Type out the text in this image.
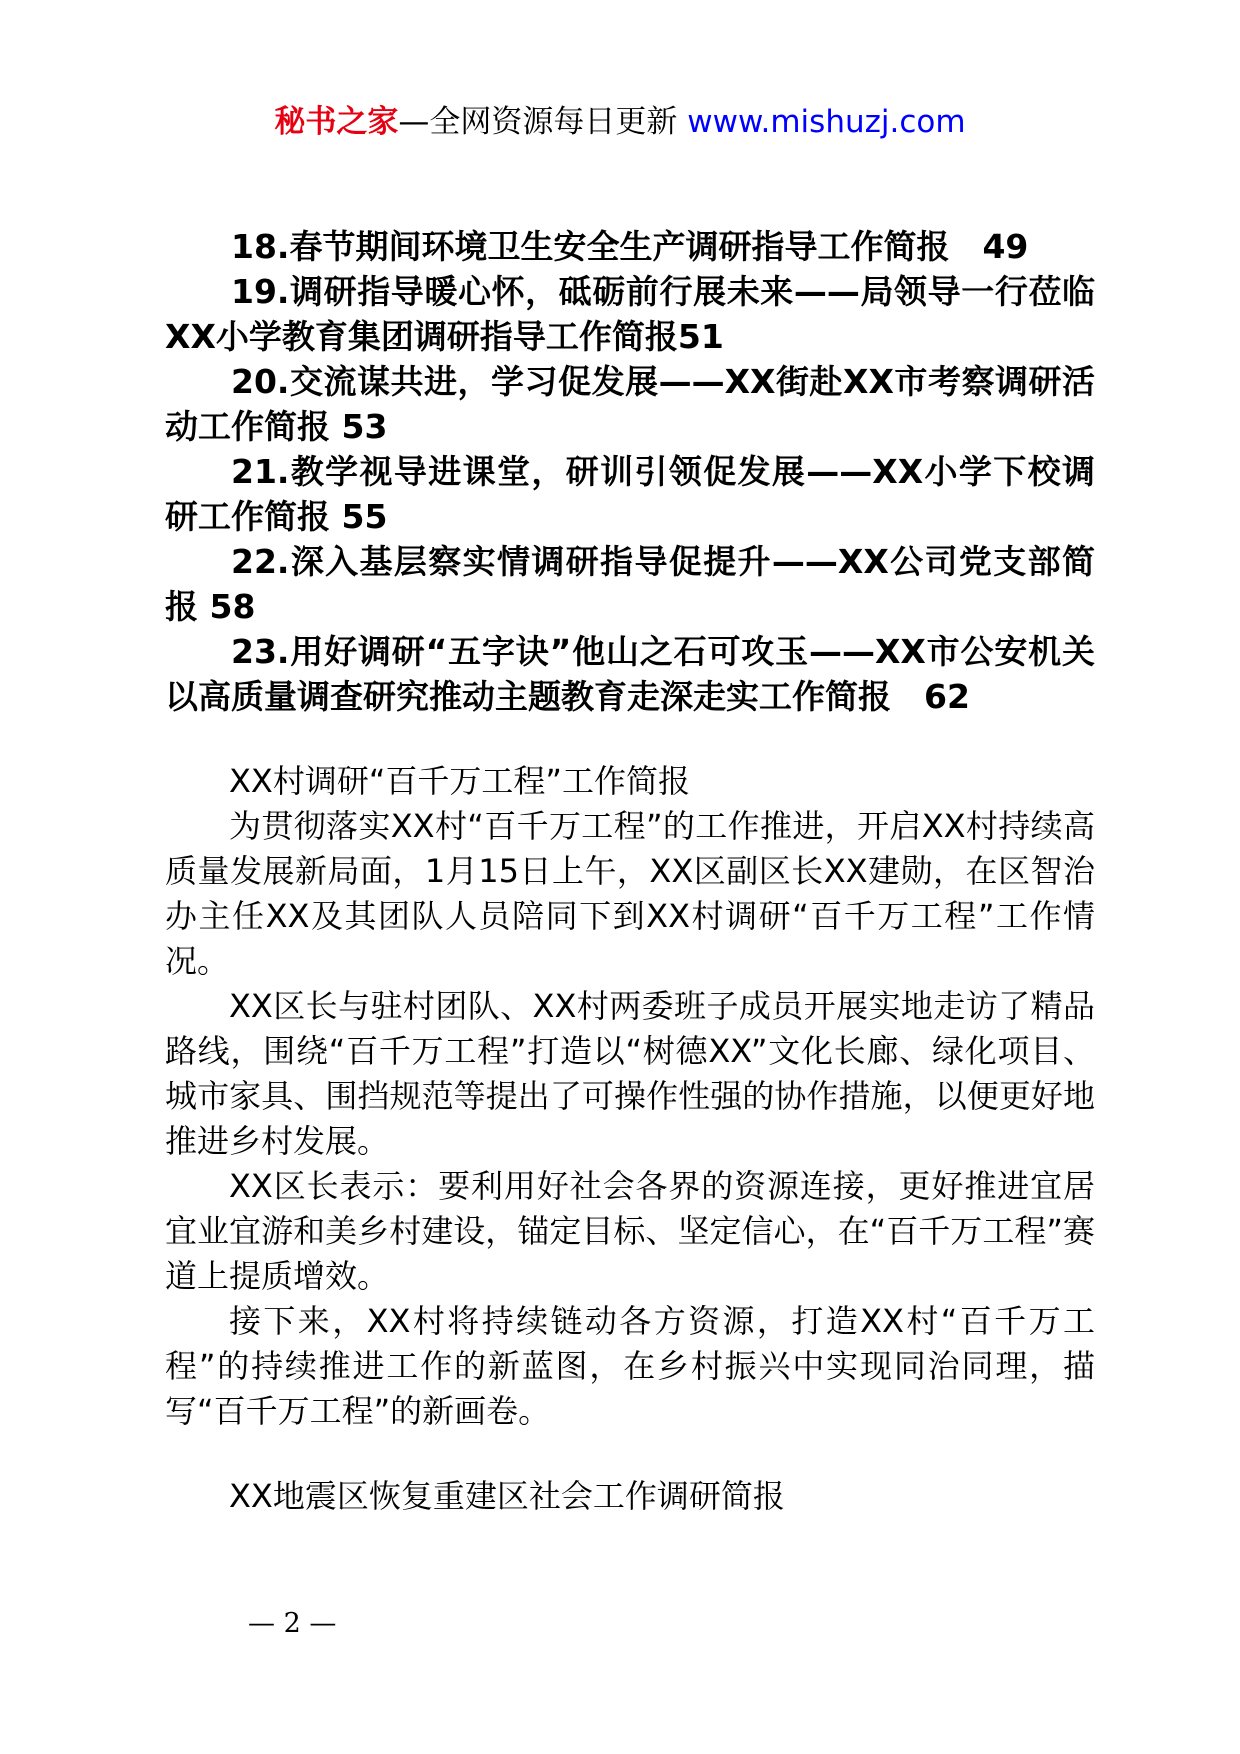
秘书之家—全网资源每日更新 www.mishuzj.com

18.春节期间环境卫生安全生产调研指导工作简报　49

19.调研指导暖心怀，砥砺前行展未来——局领导一行莅临XX小学教育集团调研指导工作简报51

20.交流谋共进，学习促发展——XX街赴XX市考察调研活动工作简报 53

21.教学视导进课堂，研训引领促发展——XX小学下校调研工作简报 55

22.深入基层察实情调研指导促提升——XX公司党支部简报 58

23.用好调研“五字诀”他山之石可攻玉——XX市公安机关以高质量调查研究推动主题教育走深走实工作简报　62

XX村调研“百千万工程”工作简报

为贯彻落实XX村“百千万工程”的工作推进，开启XX村持续高质量发展新局面，1月15日上午，XX区副区长XX建勋，在区智治办主任XX及其团队人员陪同下到XX村调研“百千万工程”工作情况。

XX区长与驻村团队、XX村两委班子成员开展实地走访了精品路线，围绕“百千万工程”打造以“树德XX”文化长廊、绿化项目、城市家具、围挡规范等提出了可操作性强的协作措施，以便更好地推进乡村发展。

XX区长表示：要利用好社会各界的资源连接，更好推进宜居宜业宜游和美乡村建设，锚定目标、坚定信心，在“百千万工程”赛道上提质增效。

接下来，XX村将持续链动各方资源，打造XX村“百千万工程”的持续推进工作的新蓝图，在乡村振兴中实现同治同理，描写“百千万工程”的新画卷。

XX地震区恢复重建区社会工作调研简报

— 2 —
